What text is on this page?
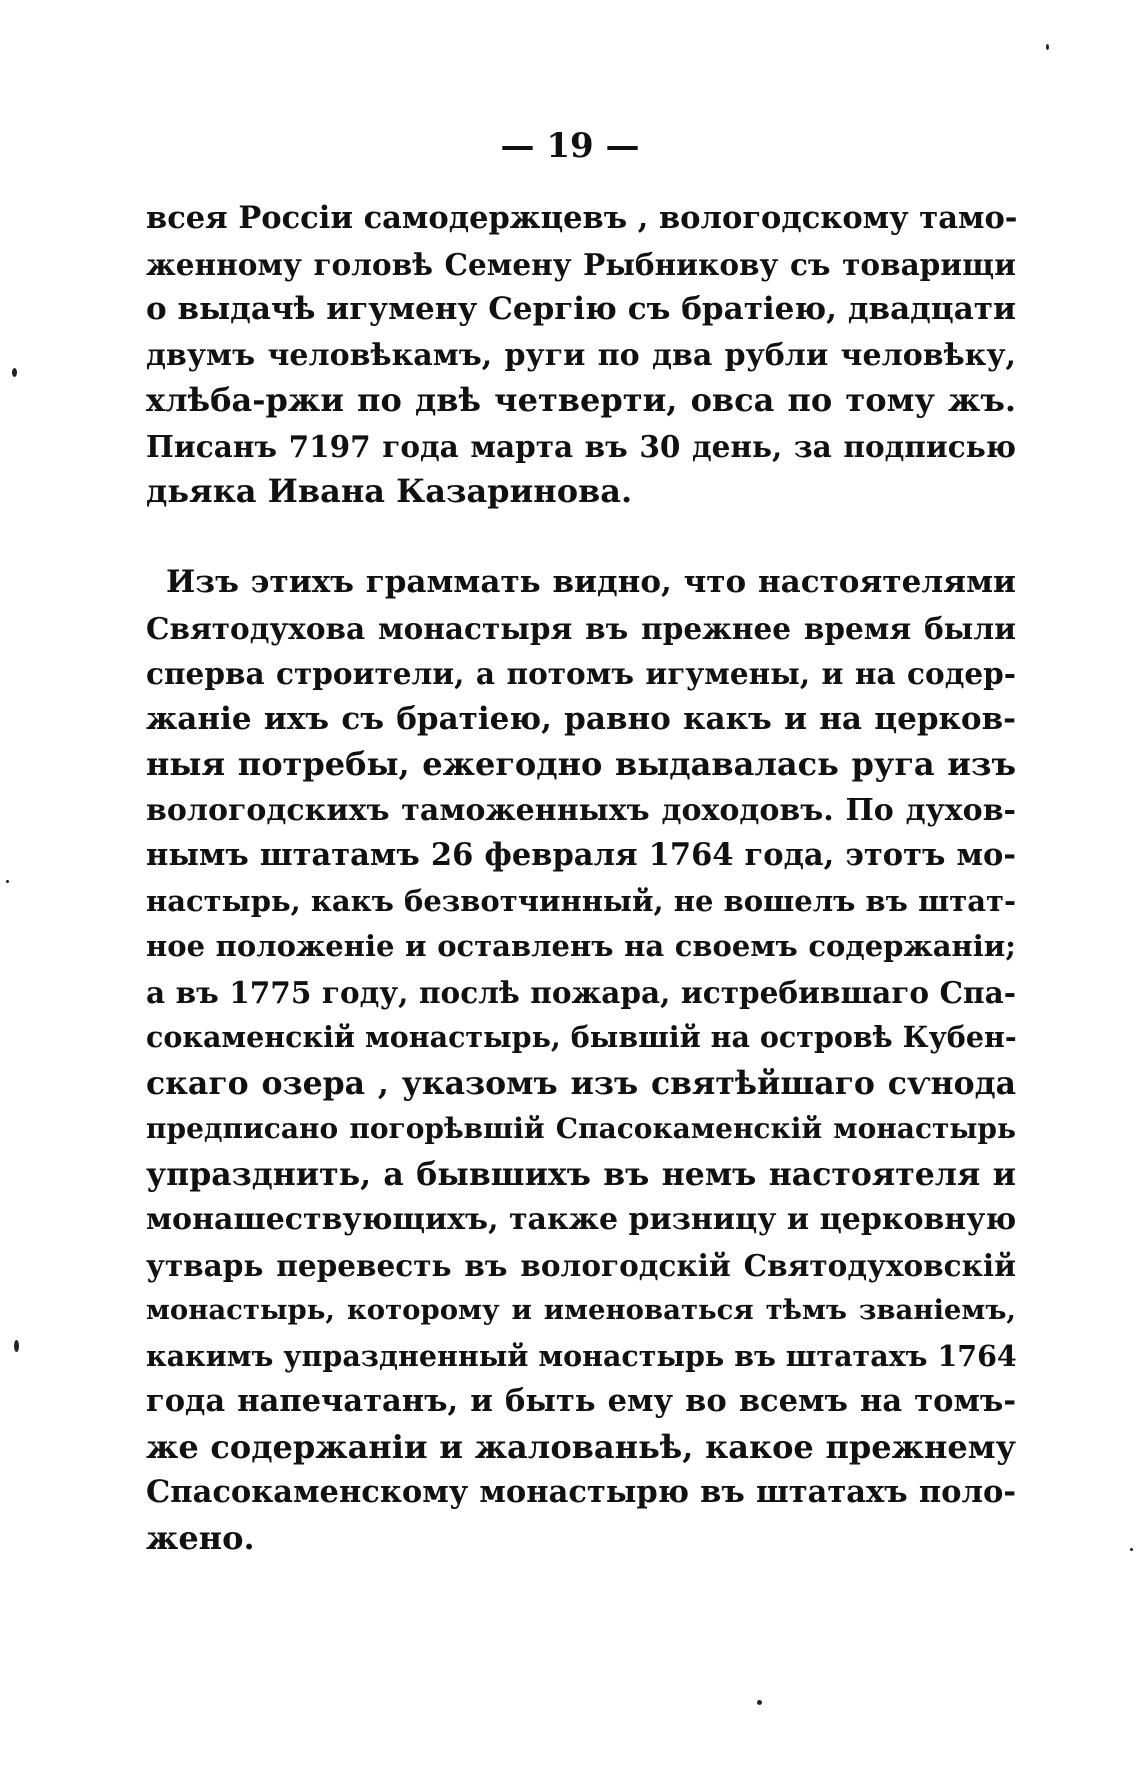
— 19 —
всея Россіи самодержцевъ , вологодскому тамо-
женному головѣ Семену Рыбникову съ товарищи
о выдачѣ игумену Сергію съ братіею, двадцати
двумъ человѣкамъ, руги по два рубли человѣку,
хлѣба-ржи по двѣ четверти, овса по тому жъ.
Писанъ 7197 года марта въ 30 день, за подписью
дьяка Ивана Казаринова.
Изъ этихъ граммать видно, что настоятелями
Святодухова монастыря въ прежнее время были
сперва строители, а потомъ игумены, и на содер-
жаніе ихъ съ братіею, равно какъ и на церков-
ныя потребы, ежегодно выдавалась руга изъ
вологодскихъ таможенныхъ доходовъ. По духов-
нымъ штатамъ 26 февраля 1764 года, этотъ мо-
настырь, какъ безвотчинный, не вошелъ въ штат-
ное положеніе и оставленъ на своемъ содержаніи;
а въ 1775 году, послѣ пожара, истребившаго Спа-
сокаменскій монастырь, бывшій на островѣ Кубен-
скаго озера , указомъ изъ святѣйшаго сѵнода
предписано погорѣвшій Спасокаменскій монастырь
упразднить, а бывшихъ въ немъ настоятеля и
монашествующихъ, также ризницу и церковную
утварь перевесть въ вологодскій Святодуховскій
монастырь, которому и именоваться тѣмъ званіемъ,
какимъ упраздненный монастырь въ штатахъ 1764
года напечатанъ, и быть ему во всемъ на томъ-
же содержаніи и жалованьѣ, какое прежнему
Спасокаменскому монастырю въ штатахъ поло-
жено.
